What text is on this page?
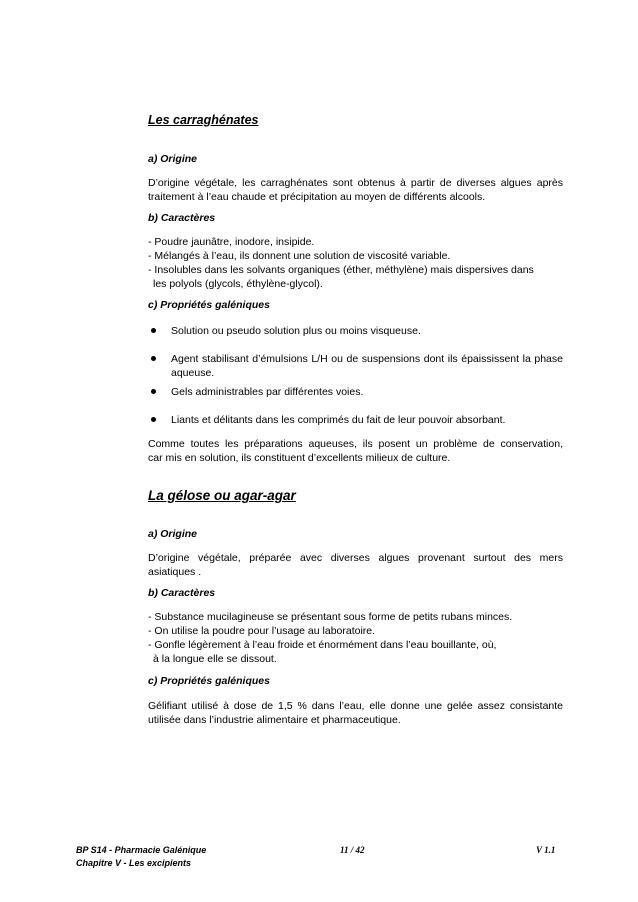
Les carraghénates
a) Origine
D’origine végétale, les carraghénates sont obtenus à partir de diverses algues après
traitement à l’eau chaude et précipitation au moyen de différents alcools.
b) Caractères
- Poudre jaunâtre, inodore, insipide.
- Mélangés à l’eau, ils donnent une solution de viscosité variable.
- Insolubles dans les solvants organiques (éther, méthylène) mais dispersives dans
les polyols (glycols, éthylène-glycol).
c) Propriétés galéniques
Solution ou pseudo solution plus ou moins visqueuse.
Agent stabilisant d’émulsions L/H ou de suspensions dont ils épaississent la phase aqueuse.
Gels administrables par différentes voies.
Liants et délitants dans les comprimés du fait de leur pouvoir absorbant.
Comme toutes les préparations aqueuses, ils posent un problème de conservation,
car mis en solution, ils constituent d’excellents milieux de culture.
La gélose ou agar-agar
a) Origine
D’origine végétale, préparée avec diverses algues provenant surtout des mers
asiatiques .
b) Caractères
- Substance mucilagineuse se présentant sous forme de petits rubans minces.
- On utilise la poudre pour l’usage au laboratoire.
- Gonfle légèrement à l’eau froide et énormément dans l’eau bouillante, où,
à la longue elle se dissout.
c) Propriétés galéniques
Gélifiant utilisé à dose de 1,5 % dans l’eau, elle donne une gelée assez consistante
utilisée dans l’industrie alimentaire et pharmaceutique.
BP S14 - Pharmacie Galénique
Chapitre V - Les excipients
11 / 42	V 1.1
